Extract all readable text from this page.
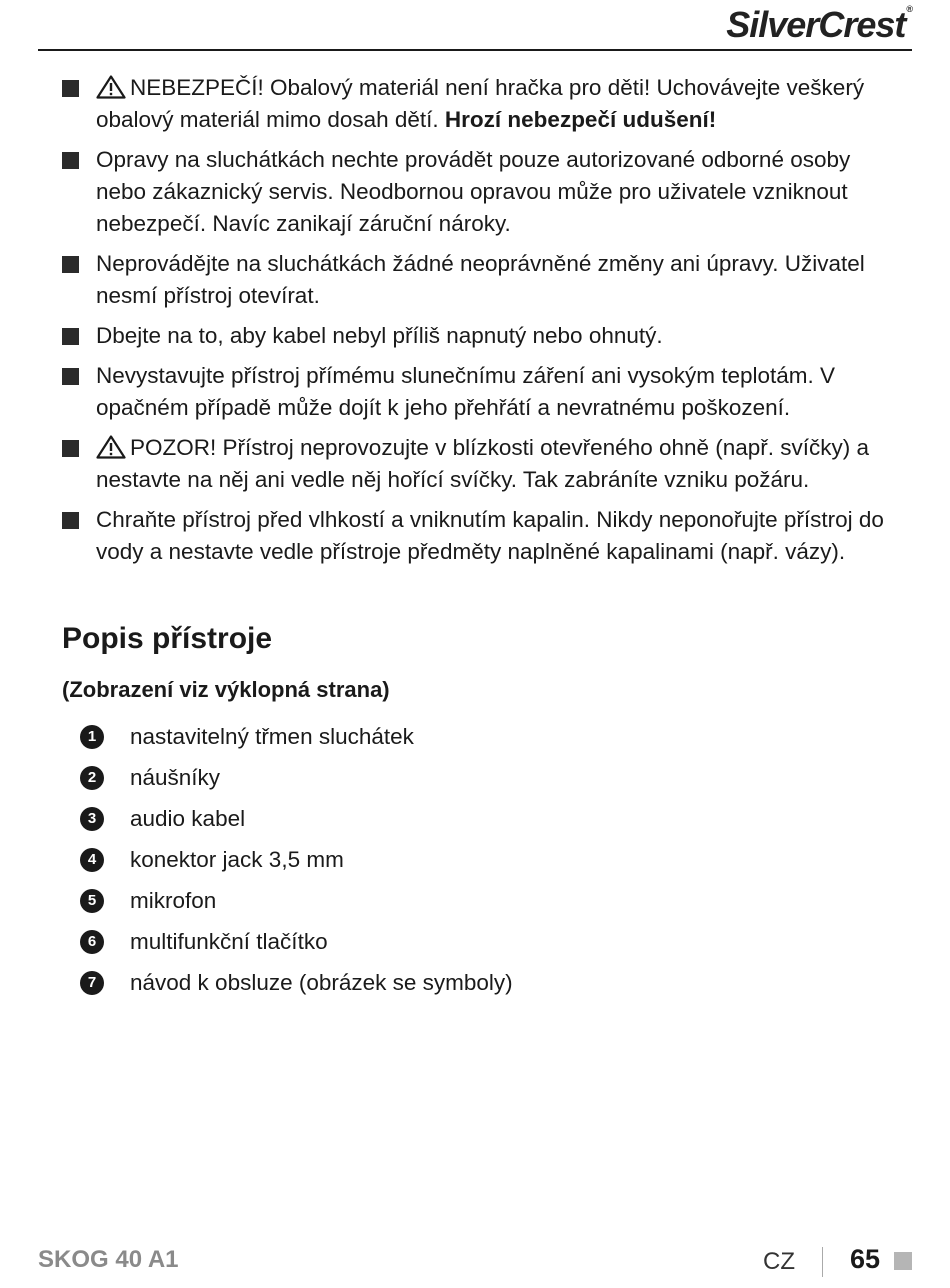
SilverCrest®
NEBEZPEČÍ! Obalový materiál není hračka pro děti! Uchovávejte veškerý obalový materiál mimo dosah dětí. Hrozí nebezpečí udušení!
Opravy na sluchátkách nechte provádět pouze autorizované odborné osoby nebo zákaznický servis. Neodbornou opravou může pro uživatele vzniknout nebezpečí. Navíc zanikají záruční nároky.
Neprovádějte na sluchátkách žádné neoprávněné změny ani úpravy. Uživatel nesmí přístroj otevírat.
Dbejte na to, aby kabel nebyl příliš napnutý nebo ohnutý.
Nevystavujte přístroj přímému slunečnímu záření ani vysokým teplotám. V opačném případě může dojít k jeho přehřátí a nevratnému poškození.
POZOR! Přístroj neprovozujte v blízkosti otevřeného ohně (např. svíčky) a nestavte na něj ani vedle něj hořící svíčky. Tak zabráníte vzniku požáru.
Chraňte přístroj před vlhkostí a vniknutím kapalin. Nikdy neponořujte přístroj do vody a nestavte vedle přístroje předměty naplněné kapalinami (např. vázy).
Popis přístroje
(Zobrazení viz výklopná strana)
1	nastavitelný třmen sluchátek
2	náušníky
3	audio kabel
4	konektor jack 3,5 mm
5	mikrofon
6	multifunkční tlačítko
7	návod k obsluze (obrázek se symboly)
SKOG 40 A1	CZ 65
